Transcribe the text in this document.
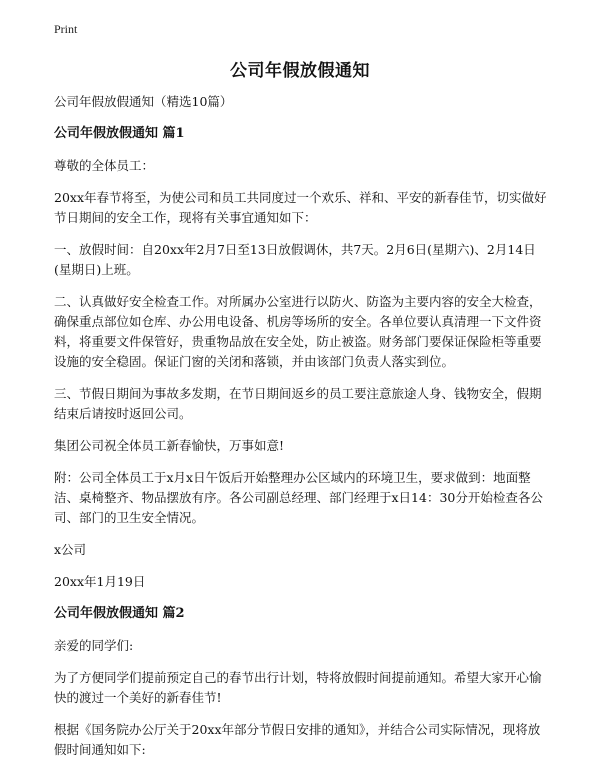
Print
公司年假放假通知

公司年假放假通知（精选10篇）

公司年假放假通知 篇1

尊敬的全体员工：

20xx年春节将至，为使公司和员工共同度过一个欢乐、祥和、平安的新春佳节，切实做好节日期间的安全工作，现将有关事宜通知如下：

一、放假时间：自20xx年2月7日至13日放假调休，共7天。2月6日(星期六)、2月14日(星期日)上班。

二、认真做好安全检查工作。对所属办公室进行以防火、防盗为主要内容的安全大检查，确保重点部位如仓库、办公用电设备、机房等场所的安全。各单位要认真清理一下文件资料，将重要文件保管好，贵重物品放在安全处，防止被盗。财务部门要保证保险柜等重要设施的安全稳固。保证门窗的关闭和落锁，并由该部门负责人落实到位。

三、节假日期间为事故多发期，在节日期间返乡的员工要注意旅途人身、钱物安全，假期结束后请按时返回公司。

集团公司祝全体员工新春愉快，万事如意!

附：公司全体员工于x月x日午饭后开始整理办公区域内的环境卫生，要求做到：地面整洁、桌椅整齐、物品摆放有序。各公司副总经理、部门经理于x日14：30分开始检查各公司、部门的卫生安全情况。

x公司

20xx年1月19日

公司年假放假通知 篇2

亲爱的同学们:

为了方便同学们提前预定自己的春节出行计划，特将放假时间提前通知。希望大家开心愉快的渡过一个美好的新春佳节!

根据《国务院办公厅关于20xx年部分节假日安排的通知》，并结合公司实际情况，现将放假时间通知如下:
